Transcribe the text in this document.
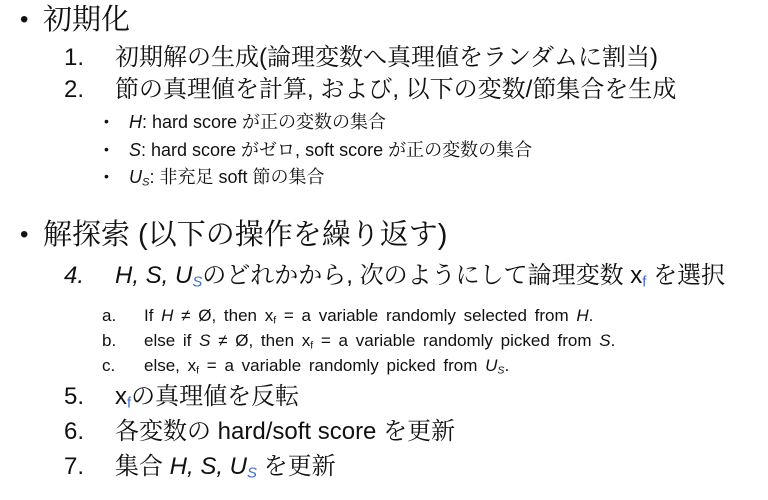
• 初期化
1. 初期解の生成(論理変数へ真理値をランダムに割当)
2. 節の真理値を計算, および, 以下の変数/節集合を生成
• H: hard score が正の変数の集合
• S: hard score がゼロ, soft score が正の変数の集合
• US: 非充足 soft 節の集合
• 解探索 (以下の操作を繰り返す)
4. H, S, USのどれかから, 次のようにして論理変数 xf を選択
a. If H ≠ Ø, then xf = a variable randomly selected from H.
b. else if S ≠ Ø, then xf = a variable randomly picked from S.
c. else, xf = a variable randomly picked from US.
5. xfの真理値を反転
6. 各変数の hard/soft score を更新
7. 集合 H, S, US を更新
